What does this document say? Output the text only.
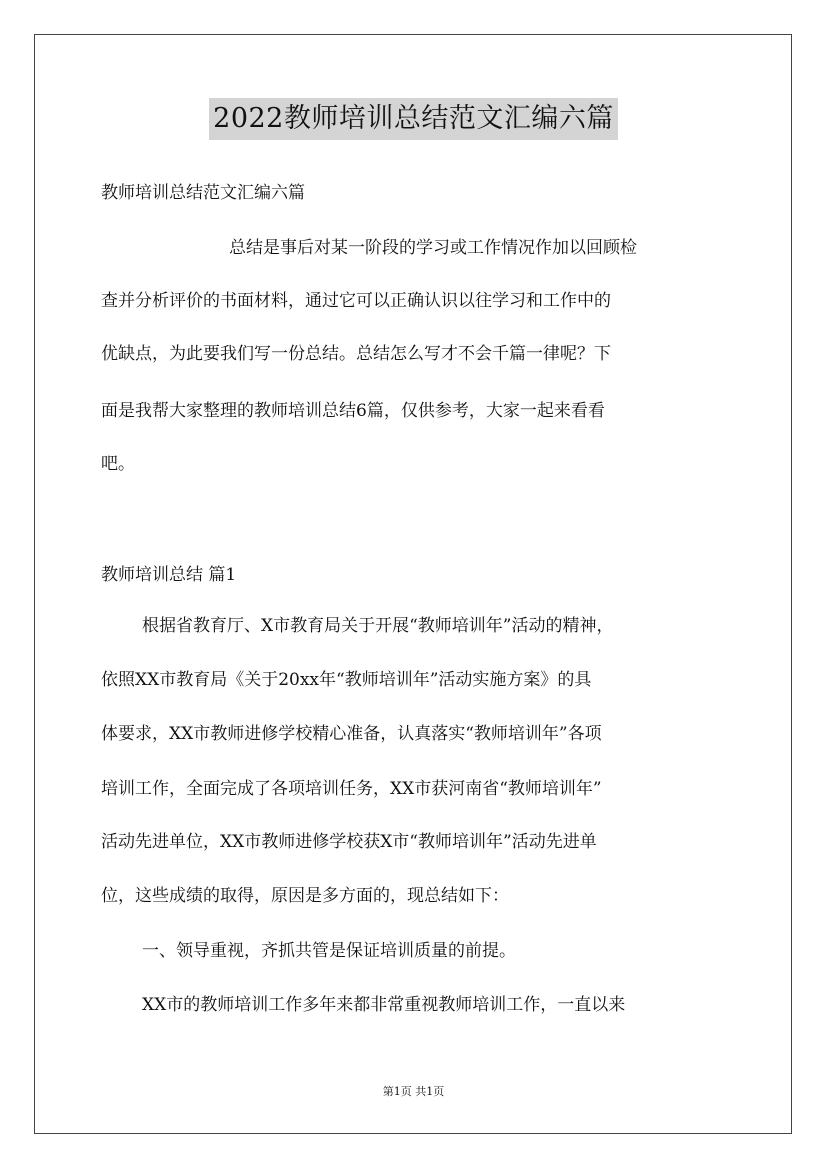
2022教师培训总结范文汇编六篇
教师培训总结范文汇编六篇
总结是事后对某一阶段的学习或工作情况作加以回顾检
查并分析评价的书面材料，通过它可以正确认识以往学习和工作中的
优缺点，为此要我们写一份总结。总结怎么写才不会千篇一律呢？下
面是我帮大家整理的教师培训总结6篇，仅供参考，大家一起来看看
吧。
教师培训总结 篇1
根据省教育厅、X市教育局关于开展“教师培训年”活动的精神，
依照XX市教育局《关于20xx年“教师培训年”活动实施方案》的具
体要求，XX市教师进修学校精心准备，认真落实“教师培训年”各项
培训工作，全面完成了各项培训任务，XX市获河南省“教师培训年”
活动先进单位，XX市教师进修学校获X市“教师培训年”活动先进单
位，这些成绩的取得，原因是多方面的，现总结如下：
一、领导重视，齐抓共管是保证培训质量的前提。
XX市的教师培训工作多年来都非常重视教师培训工作，一直以来
第1页 共1页
